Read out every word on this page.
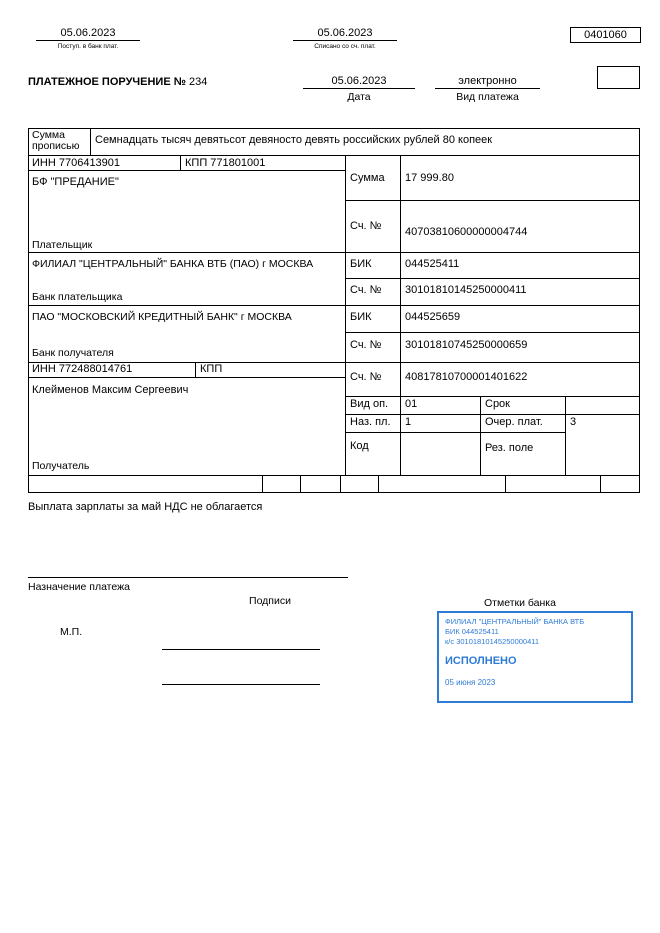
05.06.2023
Поступ. в банк плат.
05.06.2023
Списано со сч. плат.
0401060
ПЛАТЕЖНОЕ ПОРУЧЕНИЕ № 234	05.06.2023
Дата
электронно
Вид платежа
Сумма прописью
Семнадцать тысяч девятьсот девяносто девять российских рублей 80 копеек
ИНН 7706413901	КПП 771801001
БФ "ПРЕДАНИЕ"
Плательщик
Сумма 17 999.80
Сч. № 40703810600000004744
ФИЛИАЛ "ЦЕНТРАЛЬНЫЙ" БАНКА ВТБ (ПАО) г МОСКВА
Банк плательщика
БИК	044525411
Сч. № 30101810145250000411
ПАО "МОСКОВСКИЙ КРЕДИТНЫЙ БАНК" г МОСКВА
Банк получателя
БИК	044525659
Сч. № 30101810745250000659
ИНН 772488014761	КПП
Клейменов Максим Сергеевич
Получатель
Сч. № 40817810700001401622
Вид оп. 01	Срок
Наз. пл. 1	Очер. плат. 3
Код	Рез. поле
Выплата зарплаты за май НДС не облагается
Назначение платежа
Подписи	Отметки банка
М.П.
ФИЛИАЛ "ЦЕНТРАЛЬНЫЙ" БАНКА ВТБ
БИК 044525411
к/с 30101810145250000411
ИСПОЛНЕНО
05 июня 2023
